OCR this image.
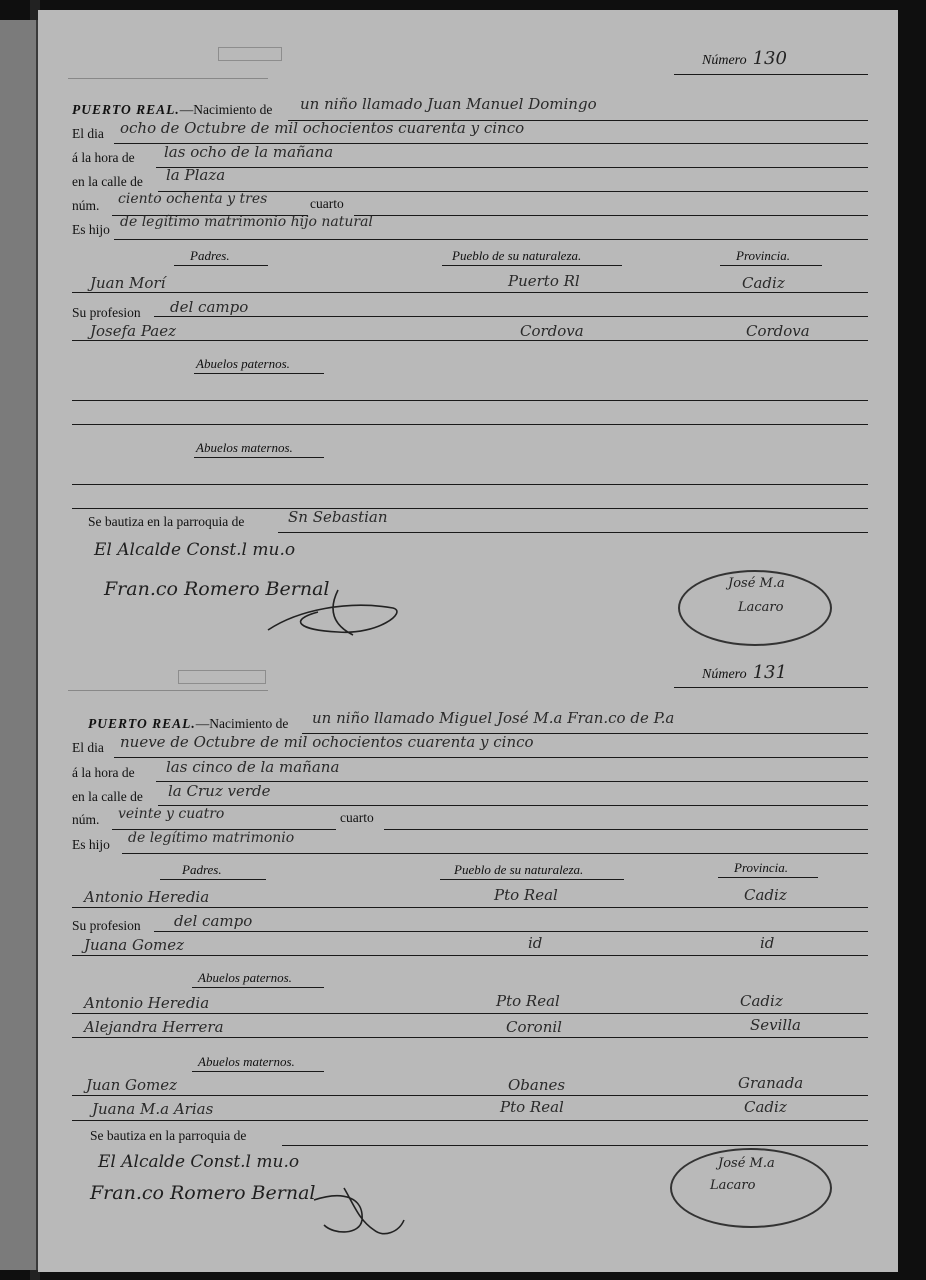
Número 130
PUERTO REAL.—Nacimiento de un niño llamado Juan Manuel Domingo
El dia ocho de Octubre de mil ochocientos cuarenta y cinco
á la hora de las ocho de la mañana
en la calle de la Plaza
núm. ciento ochenta y tres	cuarto
Es hijo de legítimo matrimonio hijo natural
Padres.	Pueblo de su naturaleza.	Provincia.
Juan Morí	Puerto Rl	Cadiz
Su profesion del campo
Josefa Paez	Cordova	Cordova
Abuelos paternos.
Abuelos maternos.
Se bautiza en la parroquia de	Sn Sebastian
El Alcalde Const.l mu.o
Fran.co Romero Bernal	José M.a
Lacaro
Número 131
PUERTO REAL.—Nacimiento de un niño llamado Miguel José M.a Fran.co de P.a
El dia nueve de Octubre de mil ochocientos cuarenta y cinco
á la hora de las cinco de la mañana
en la calle de la Cruz verde
núm. veinte y cuatro	cuarto
Es hijo de legítimo matrimonio
Padres.	Pueblo de su naturaleza.	Provincia.
Antonio Heredia	Pto Real	Cadiz
Su profesion del campo
Juana Gomez	id	id
Abuelos paternos.
Antonio Heredia	Pto Real	Cadiz
Alejandra Herrera	Coronil	Sevilla
Abuelos maternos.
Juan Gomez	Obanes	Granada
Juana M.a Arias	Pto Real	Cadiz
Se bautiza en la parroquia de
El Alcalde Const.l mu.o
Fran.co Romero Bernal
José M.a
Lacaro
